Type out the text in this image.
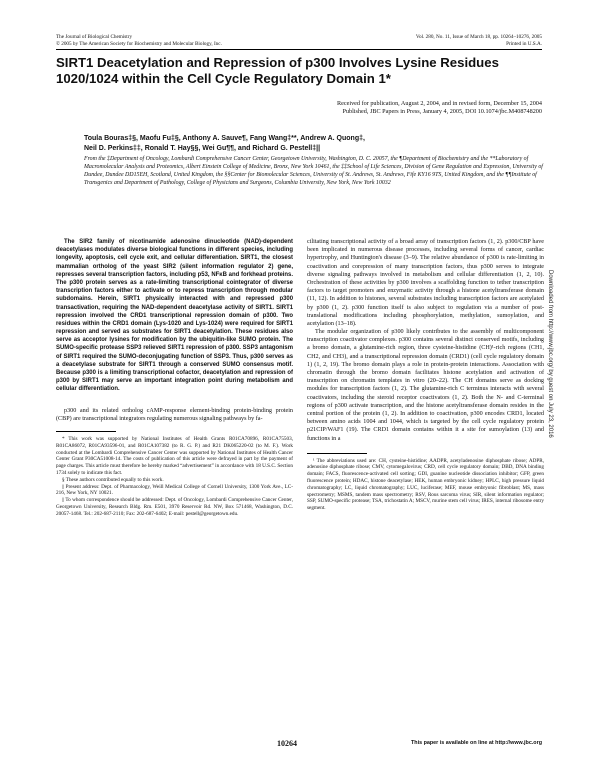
The Journal of Biological Chemistry
© 2005 by The American Society for Biochemistry and Molecular Biology, Inc.
Vol. 280, No. 11, Issue of March 18, pp. 10264–10276, 2005
Printed in U.S.A.
SIRT1 Deacetylation and Repression of p300 Involves Lysine Residues 1020/1024 within the Cell Cycle Regulatory Domain 1*
Received for publication, August 2, 2004, and in revised form, December 15, 2004
Published, JBC Papers in Press, January 4, 2005, DOI 10.1074/jbc.M408748200
Toula Bouras‡§, Maofu Fu‡§, Anthony A. Sauve¶, Fang Wang‡**, Andrew A. Quong‡,
Neil D. Perkins‡‡, Ronald T. Hay§§, Wei Gu¶¶, and Richard G. Pestell‡||
From the ‡Department of Oncology, Lombardi Comprehensive Cancer Center, Georgetown University, Washington, D. C. 20057, the ¶Department of Biochemistry and the **Laboratory of Macromolecular Analysis and Proteomics, Albert Einstein College of Medicine, Bronx, New York 10461, the ‡‡School of Life Sciences, Division of Gene Regulation and Expression, University of Dundee, Dundee DD15EH, Scotland, United Kingdom, the §§Center for Biomolecular Sciences, University of St. Andrews, St. Andrews, Fife KY16 9TS, United Kingdom, and the ¶¶Institute of Transgenics and Department of Pathology, College of Physicians and Surgeons, Columbia University, New York, New York 10032

The SIR2 family of nicotinamide adenosine dinucleotide (NAD)-dependent deacetylases modulates diverse biological functions in different species, including longevity, apoptosis, cell cycle exit, and cellular differentiation. SIRT1, the closest mammalian ortholog of the yeast SIR2 (silent information regulator 2) gene, represses several transcription factors, including p53, NFκB and forkhead proteins. The p300 protein serves as a rate-limiting transcriptional cointegrator of diverse transcription factors either to activate or to repress transcription through modular subdomains. Herein, SIRT1 physically interacted with and repressed p300 transactivation, requiring the NAD-dependent deacetylase activity of SIRT1. SIRT1 repression involved the CRD1 transcriptional repression domain of p300. Two residues within the CRD1 domain (Lys-1020 and Lys-1024) were required for SIRT1 repression and served as substrates for SIRT1 deacetylation. These residues also serve as acceptor lysines for modification by the ubiquitin-like SUMO protein. The SUMO-specific protease SSP3 relieved SIRT1 repression of p300. SSP3 antagonism of SIRT1 required the SUMO-deconjugating function of SSP3. Thus, p300 serves as a deacetylase substrate for SIRT1 through a conserved SUMO consensus motif. Because p300 is a limiting transcriptional cofactor, deacetylation and repression of p300 by SIRT1 may serve an important integration point during metabolism and cellular differentiation.

p300 and its related ortholog cAMP-response element-binding protein-binding protein (CBP) are transcriptional integrators regulating numerous signaling pathways by fa-

* This work was supported by National Institutes of Health Grants R01CA70896, R01CA75503, R01CA86072, R01CA93596-01, and R01CA107382 (to R. G. P.) and R21 DK065220-02 (to M. F.). Work conducted at the Lombardi Comprehensive Cancer Center was supported by National Institutes of Health Cancer Center Grant P30CA51008-14. The costs of publication of this article were defrayed in part by the payment of page charges. This article must therefore be hereby marked “advertisement” in accordance with 18 U.S.C. Section 1734 solely to indicate this fact.

§ These authors contributed equally to this work.

|| Present address: Dept. of Pharmacology, Weill Medical College of Cornell University, 1300 York Ave., LC-216, New York, NY 10021.

|| To whom correspondence should be addressed: Dept. of Oncology, Lombardi Comprehensive Cancer Center, Georgetown University, Research Bldg. Rm. E501, 3970 Reservoir Rd. NW, Box 571468, Washington, D.C. 20057-1468. Tel.: 202-687-2110; Fax: 202-687-6402; E-mail: pestell@georgetown.edu.

cilitating transcriptional activity of a broad array of transcription factors (1, 2). p300/CBP have been implicated in numerous disease processes, including several forms of cancer, cardiac hypertrophy, and Huntington's disease (3–9). The relative abundance of p300 is rate-limiting in coactivation and corepression of many transcription factors, thus p300 serves to integrate diverse signaling pathways involved in metabolism and cellular differentiation (1, 2, 10). Orchestration of these activities by p300 involves a scaffolding function to tether transcription factors to target promoters and enzymatic activity through a histone acetyltransferase domain (11, 12). In addition to histones, several substrates including transcription factors are acetylated by p300 (1, 2). p300 function itself is also subject to regulation via a number of post-translational modifications including phosphorylation, methylation, sumoylation, and acetylation (13–18).

The modular organization of p300 likely contributes to the assembly of multicomponent transcription coactivator complexes. p300 contains several distinct conserved motifs, including a bromo domain, a glutamine-rich region, three cysteine-histidine (CH)¹-rich regions (CH1, CH2, and CH3), and a transcriptional repression domain (CRD1) (cell cycle regulatory domain 1) (1, 2, 19). The bromo domain plays a role in protein-protein interactions. Association with chromatin through the bromo domain facilitates histone acetylation and activation of transcription on chromatin templates in vitro (20–22). The CH domains serve as docking modules for transcription factors (1, 2). The glutamine-rich C terminus interacts with several coactivators, including the steroid receptor coactivators (1, 2). Both the N- and C-terminal regions of p300 activate transcription, and the histone acetyltransferase domain resides in the central portion of the protein (1, 2). In addition to coactivation, p300 encodes CRD1, located between amino acids 1004 and 1044, which is targeted by the cell cycle regulatory protein p21CIP/WAF1 (19). The CRD1 domain contains within it a site for sumoylation (13) and functions in a

¹ The abbreviations used are: CH, cysteine-histidine; AADPR, acetyladenosine diphosphate ribose; ADPR, adenosine diphosphate ribose; CMV, cytomegalovirus; CRD, cell cycle regulatory domain; DBD, DNA binding domain; FACS, fluorescence-activated cell sorting; GDI, guanine nucleotide dissociation inhibitor; GFP, green fluorescence protein; HDAC, histone deacetylase; HEK, human embryonic kidney; HPLC, high pressure liquid chromatography; LC, liquid chromatography; LUC, luciferase; MEF, mouse embryonic fibroblast; MS, mass spectrometry; MSMS, tandem mass spectrometry; RSV, Rous sarcoma virus; SIR, silent information regulator; SSP, SUMO-specific protease; TSA, trichostatin A; MSCV, murine stem cell virus; IRES, internal ribosome entry segment.

10264	This paper is available on line at http://www.jbc.org
Downloaded from http://www.jbc.org/ by guest on July 23, 2016
